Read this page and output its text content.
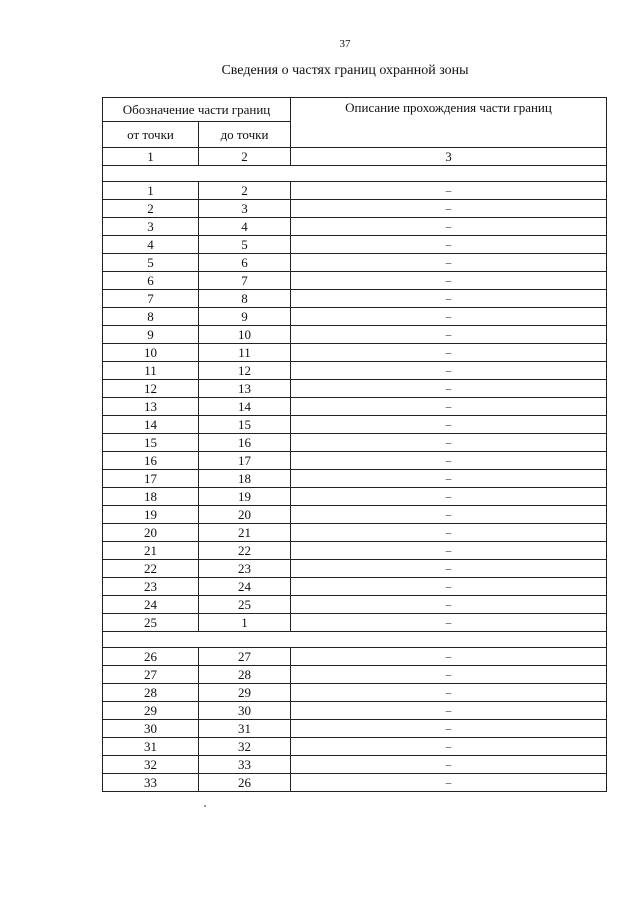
37
Сведения о частях границ охранной зоны
Обозначение части границ		Описание прохождения части границ
от точки	до точки	
1	2	3

1	2	–
2	3	–
3	4	–
4	5	–
5	6	–
6	7	–
7	8	–
8	9	–
9	10	–
10	11	–
11	12	–
12	13	–
13	14	–
14	15	–
15	16	–
16	17	–
17	18	–
18	19	–
19	20	–
20	21	–
21	22	–
22	23	–
23	24	–
24	25	–
25	1	–

26	27	–
27	28	–
28	29	–
29	30	–
30	31	–
31	32	–
32	33	–
33	26	–
